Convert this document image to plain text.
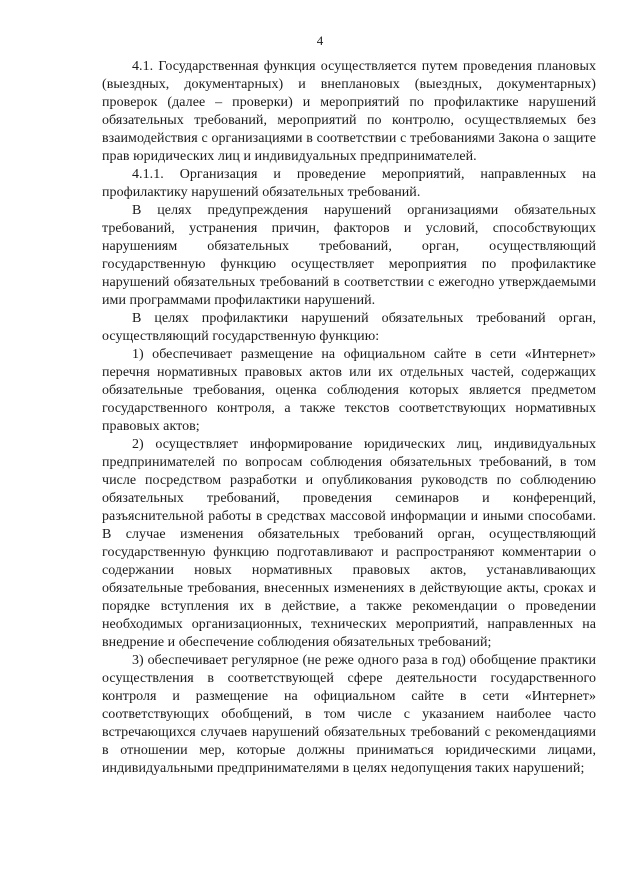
4

4.1. Государственная функция осуществляется путем проведения плановых (выездных, документарных) и внеплановых (выездных, документарных) проверок (далее – проверки) и мероприятий по профилактике нарушений обязательных требований, мероприятий по контролю, осуществляемых без взаимодействия с организациями в соответствии с требованиями Закона о защите прав юридических лиц и индивидуальных предпринимателей.

4.1.1. Организация и проведение мероприятий, направленных на профилактику нарушений обязательных требований.

В целях предупреждения нарушений организациями обязательных требований, устранения причин, факторов и условий, способствующих нарушениям обязательных требований, орган, осуществляющий государственную функцию осуществляет мероприятия по профилактике нарушений обязательных требований в соответствии с ежегодно утверждаемыми ими программами профилактики нарушений.

В целях профилактики нарушений обязательных требований орган, осуществляющий государственную функцию:

1) обеспечивает размещение на официальном сайте в сети «Интернет» перечня нормативных правовых актов или их отдельных частей, содержащих обязательные требования, оценка соблюдения которых является предметом государственного контроля, а также текстов соответствующих нормативных правовых актов;

2) осуществляет информирование юридических лиц, индивидуальных предпринимателей по вопросам соблюдения обязательных требований, в том числе посредством разработки и опубликования руководств по соблюдению обязательных требований, проведения семинаров и конференций, разъяснительной работы в средствах массовой информации и иными способами. В случае изменения обязательных требований орган, осуществляющий государственную функцию подготавливают и распространяют комментарии о содержании новых нормативных правовых актов, устанавливающих обязательные требования, внесенных изменениях в действующие акты, сроках и порядке вступления их в действие, а также рекомендации о проведении необходимых организационных, технических мероприятий, направленных на внедрение и обеспечение соблюдения обязательных требований;

3) обеспечивает регулярное (не реже одного раза в год) обобщение практики осуществления в соответствующей сфере деятельности государственного контроля и размещение на официальном сайте в сети «Интернет» соответствующих обобщений, в том числе с указанием наиболее часто встречающихся случаев нарушений обязательных требований с рекомендациями в отношении мер, которые должны приниматься юридическими лицами, индивидуальными предпринимателями в целях недопущения таких нарушений;
